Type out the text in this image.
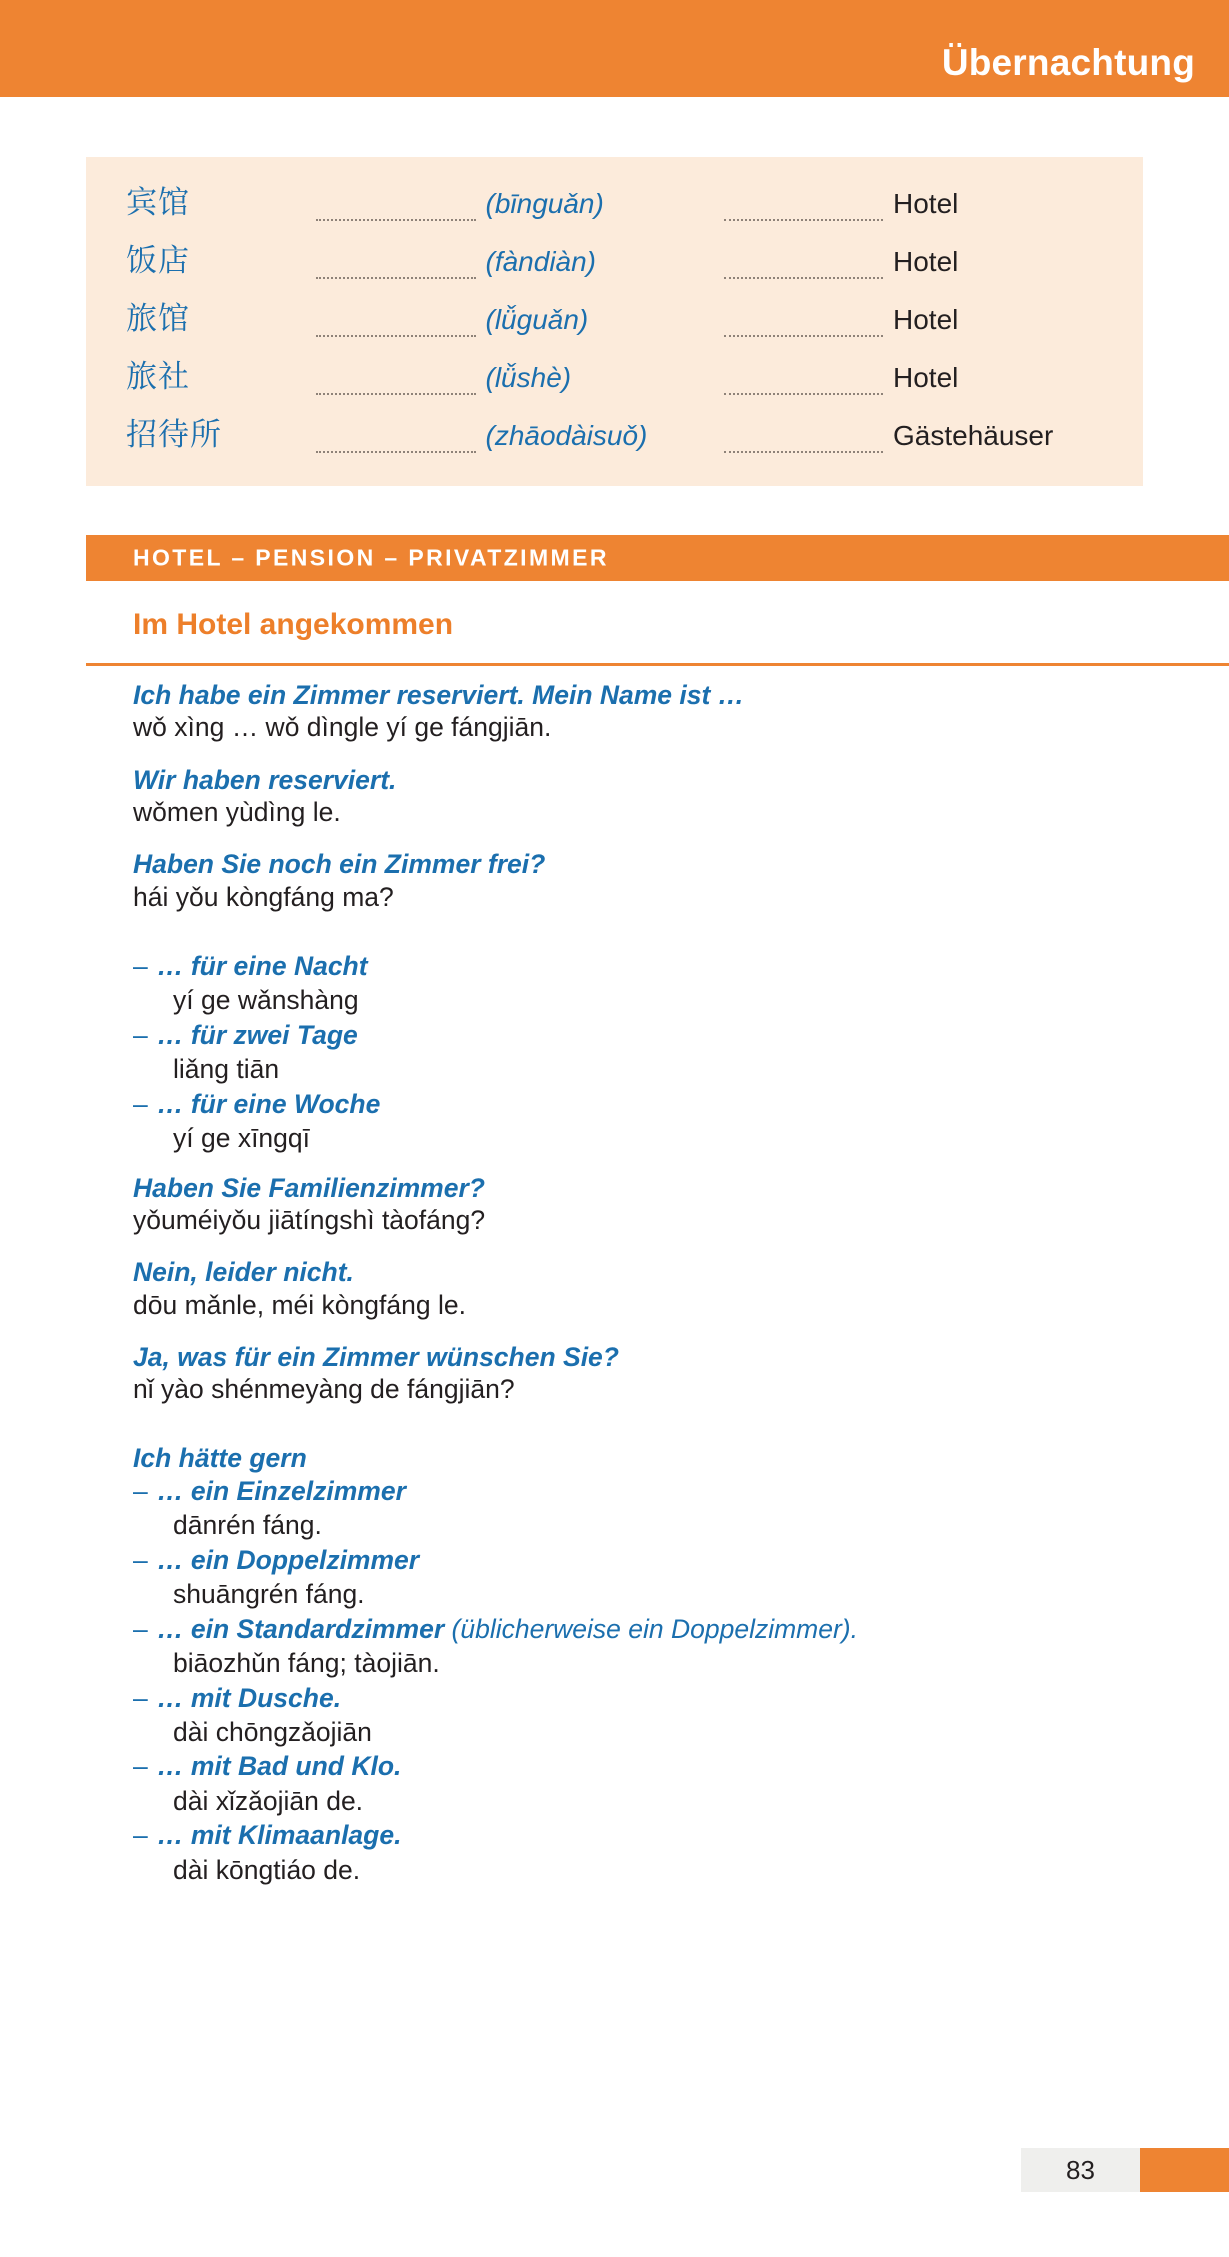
Übernachtung
宾馆	(bīnguǎn)	Hotel
饭店	(fàndiàn)	Hotel
旅馆	(lǚguǎn)	Hotel
旅社	(lǚshè)	Hotel
招待所	(zhāodàisuǒ)	Gästehäuser
HOTEL – PENSION – PRIVATZIMMER
Im Hotel angekommen
Ich habe ein Zimmer reserviert. Mein Name ist …
wǒ xìng … wǒ dìngle yí ge fángjiān.
Wir haben reserviert.
wǒmen yùdìng le.
Haben Sie noch ein Zimmer frei?
hái yǒu kòngfáng ma?
– … für eine Nacht
yí ge wǎnshàng
– … für zwei Tage
liǎng tiān
– … für eine Woche
yí ge xīngqī
Haben Sie Familienzimmer?
yǒuméiyǒu jiātíngshì tàofáng?
Nein, leider nicht.
dōu mǎnle, méi kòngfáng le.
Ja, was für ein Zimmer wünschen Sie?
nǐ yào shénmeyàng de fángjiān?
Ich hätte gern
– … ein Einzelzimmer
dānrén fáng.
– … ein Doppelzimmer
shuāngrén fáng.
– … ein Standardzimmer (üblicherweise ein Doppelzimmer).
biāozhǔn fáng; tàojiān.
– … mit Dusche.
dài chōngzǎojiān
– … mit Bad und Klo.
dài xǐzǎojiān de.
– … mit Klimaanlage.
dài kōngtiáo de.
83
